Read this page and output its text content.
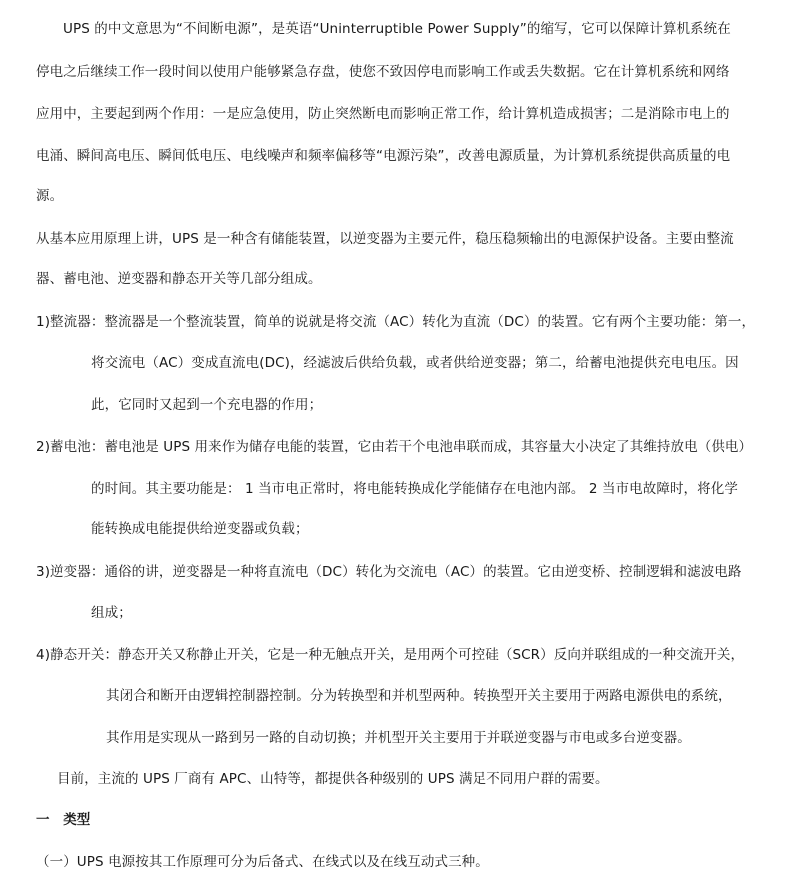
UPS 的中文意思为“不间断电源”，是英语“Uninterruptible Power Supply”的缩写，它可以保障计算机系统在
停电之后继续工作一段时间以使用户能够紧急存盘，使您不致因停电而影响工作或丢失数据。它在计算机系统和网络
应用中，主要起到两个作用：一是应急使用，防止突然断电而影响正常工作，给计算机造成损害；二是消除市电上的
电涌、瞬间高电压、瞬间低电压、电线噪声和频率偏移等“电源污染”，改善电源质量，为计算机系统提供高质量的电
源。
从基本应用原理上讲，UPS 是一种含有储能装置，以逆变器为主要元件，稳压稳频输出的电源保护设备。主要由整流
器、蓄电池、逆变器和静态开关等几部分组成。
1)整流器：整流器是一个整流装置，简单的说就是将交流（AC）转化为直流（DC）的装置。它有两个主要功能：第一，
将交流电（AC）变成直流电(DC)，经滤波后供给负载，或者供给逆变器；第二，给蓄电池提供充电电压。因
此，它同时又起到一个充电器的作用；
2)蓄电池：蓄电池是 UPS 用来作为储存电能的装置，它由若干个电池串联而成，其容量大小决定了其维持放电（供电）
的时间。其主要功能是： 1 当市电正常时，将电能转换成化学能储存在电池内部。 2 当市电故障时，将化学
能转换成电能提供给逆变器或负载；
3)逆变器：通俗的讲，逆变器是一种将直流电（DC）转化为交流电（AC）的装置。它由逆变桥、控制逻辑和滤波电路
组成；
4)静态开关：静态开关又称静止开关，它是一种无触点开关，是用两个可控硅（SCR）反向并联组成的一种交流开关，
其闭合和断开由逻辑控制器控制。分为转换型和并机型两种。转换型开关主要用于两路电源供电的系统，
其作用是实现从一路到另一路的自动切换；并机型开关主要用于并联逆变器与市电或多台逆变器。
目前，主流的 UPS 厂商有 APC、山特等，都提供各种级别的 UPS 满足不同用户群的需要。
一　类型
（一）UPS 电源按其工作原理可分为后备式、在线式以及在线互动式三种。
